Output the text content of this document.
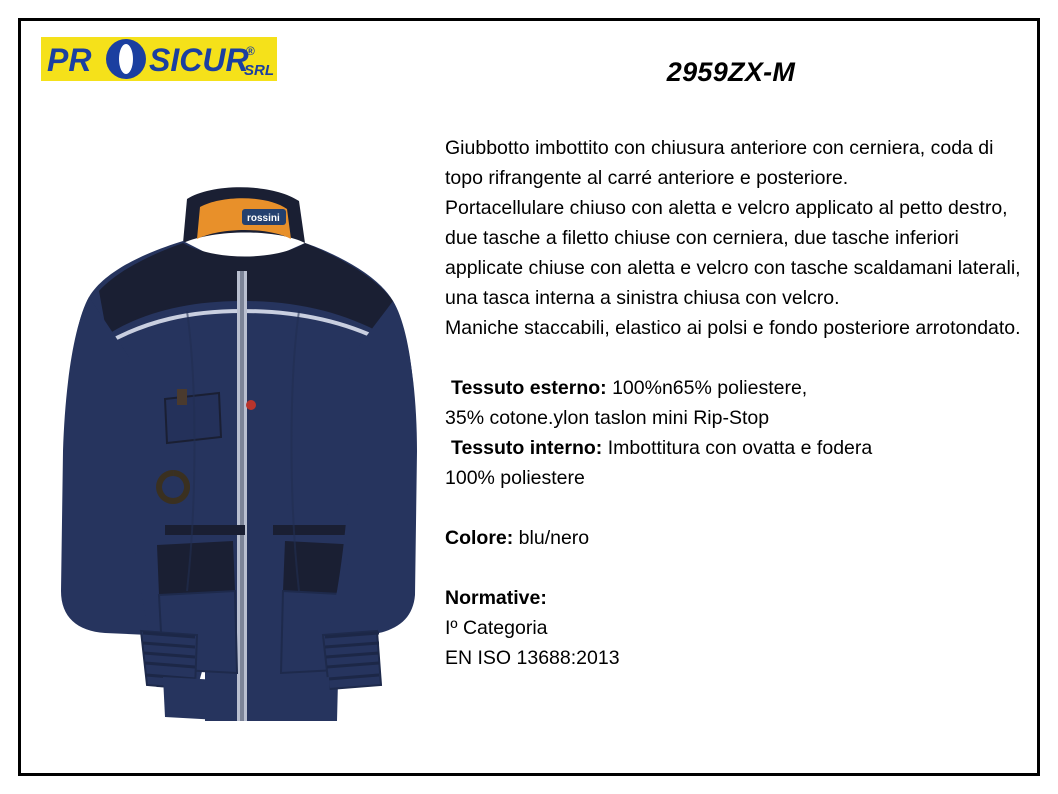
PR SICUR
®
SRL	2959ZX-M
rossini

Giubbotto imbottito con chiusura anteriore con cerniera, coda di topo rifrangente al carré anteriore e posteriore.

Portacellulare chiuso con aletta e velcro applicato al petto destro, due tasche a filetto chiuse con cerniera, due tasche inferiori applicate chiuse con aletta e velcro con tasche scaldamani laterali, una tasca interna a sinistra chiusa con velcro.

Maniche staccabili, elastico ai polsi e fondo posteriore arrotondato.

Tessuto esterno: 100%n65% poliestere,

35% cotone.ylon taslon mini Rip-Stop

Tessuto interno: Imbottitura con ovatta e fodera

100% poliestere

Colore: blu/nero

Normative:

Iº Categoria

EN ISO 13688:2013
